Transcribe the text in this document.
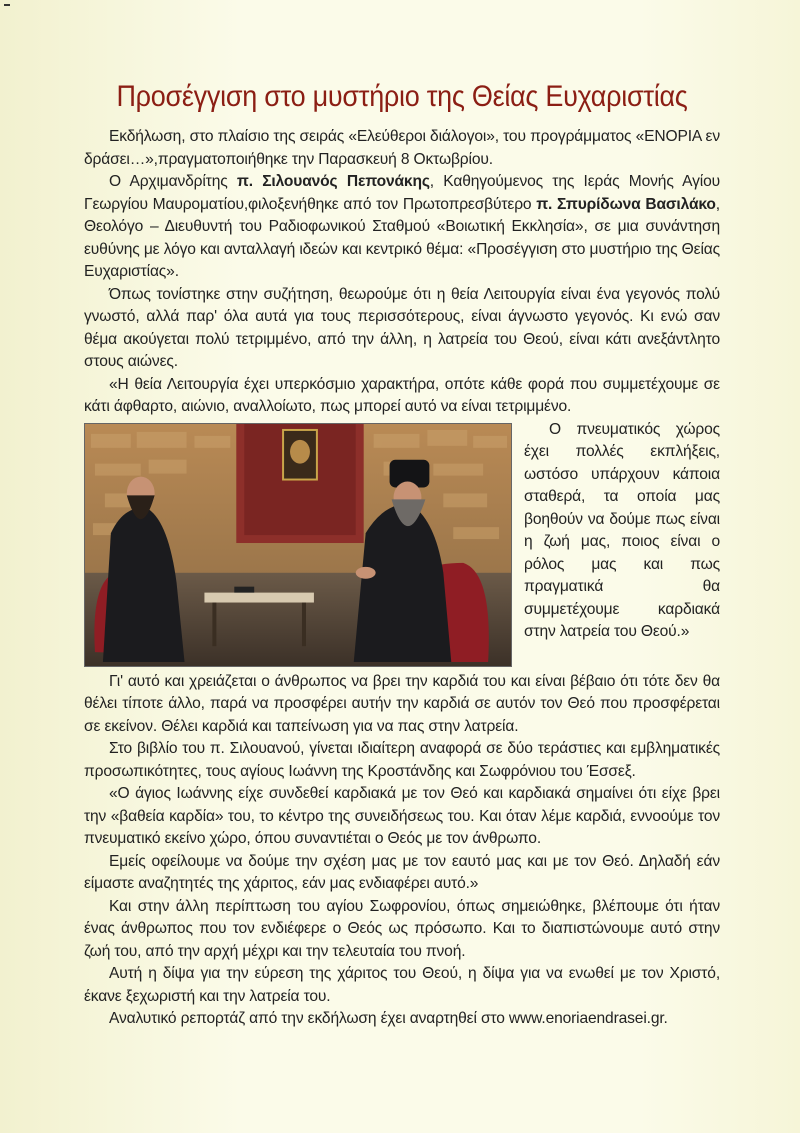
Προσέγγιση στο μυστήριο της Θείας Ευχαριστίας

Εκδήλωση, στο πλαίσιο της σειράς «Ελεύθεροι διάλογοι», του προγράμματος «ΕΝΟΡΙΑ εν δράσει…»,πραγματοποιήθηκε την Παρασκευή 8 Οκτωβρίου.

Ο Αρχιμανδρίτης π. Σιλουανός Πεπονάκης, Καθηγούμενος της Ιεράς Μονής Αγίου Γεωργίου Μαυροματίου,φιλοξενήθηκε από τον Πρωτοπρεσβύτερο π. Σπυρίδωνα Βασιλάκο, Θεολόγο – Διευθυντή του Ραδιοφωνικού Σταθμού «Βοιωτική Εκκλησία», σε μια συνάντηση ευθύνης με λόγο και ανταλλαγή ιδεών και κεντρικό θέμα: «Προσέγγιση στο μυστήριο της Θείας Ευχαριστίας».

Όπως τονίστηκε στην συζήτηση, θεωρούμε ότι η θεία Λειτουργία είναι ένα γεγονός πολύ γνωστό, αλλά παρ' όλα αυτά για τους περισσότερους, είναι άγνωστο γεγονός. Κι ενώ σαν θέμα ακούγεται πολύ τετριμμένο, από την άλλη, η λατρεία του Θεού, είναι κάτι ανεξάντλητο στους αιώνες.

«Η θεία Λειτουργία έχει υπερκόσμιο χαρακτήρα, οπότε κάθε φορά που συμμετέχουμε σε κάτι άφθαρτο, αιώνιο, αναλλοίωτο, πως μπορεί αυτό να είναι τετριμμένο.

Ο πνευματικός χώρος έχει πολλές εκπλήξεις, ωστόσο υπάρχουν κάποια σταθερά, τα οποία μας βοηθούν να δούμε πως είναι η ζωή μας, ποιος είναι ο ρόλος μας και πως πραγματικά θα συμμετέχουμε καρδιακά στην λατρεία του Θεού.»

Γι' αυτό και χρειάζεται ο άνθρωπος να βρει την καρδιά του και είναι βέβαιο ότι τότε δεν θα θέλει τίποτε άλλο, παρά να προσφέρει αυτήν την καρδιά σε αυτόν τον Θεό που προσφέρεται σε εκείνον. Θέλει καρδιά και ταπείνωση για να πας στην λατρεία.

Στο βιβλίο του π. Σιλουανού, γίνεται ιδιαίτερη αναφορά σε δύο τεράστιες και εμβληματικές προσωπικότητες, τους αγίους Ιωάννη της Κροστάνδης και Σωφρόνιου του Έσσεξ.

«Ο άγιος Ιωάννης είχε συνδεθεί καρδιακά με τον Θεό και καρδιακά σημαίνει ότι είχε βρει την «βαθεία καρδία» του, το κέντρο της συνειδήσεως του. Και όταν λέμε καρδιά, εννοούμε τον πνευματικό εκείνο χώρο, όπου συναντιέται ο Θεός με τον άνθρωπο.

Εμείς οφείλουμε να δούμε την σχέση μας με τον εαυτό μας και με τον Θεό. Δηλαδή εάν είμαστε αναζητητές της χάριτος, εάν μας ενδιαφέρει αυτό.»

Και στην άλλη περίπτωση του αγίου Σωφρονίου, όπως σημειώθηκε, βλέπουμε ότι ήταν ένας άνθρωπος που τον ενδιέφερε ο Θεός ως πρόσωπο. Και το διαπιστώνουμε αυτό στην ζωή του, από την αρχή μέχρι και την τελευταία του πνοή.

Αυτή η δίψα για την εύρεση της χάριτος του Θεού, η δίψα για να ενωθεί με τον Χριστό, έκανε ξεχωριστή και την λατρεία του.

Αναλυτικό ρεπορτάζ από την εκδήλωση έχει αναρτηθεί στο www.enoriaendrasei.gr.
